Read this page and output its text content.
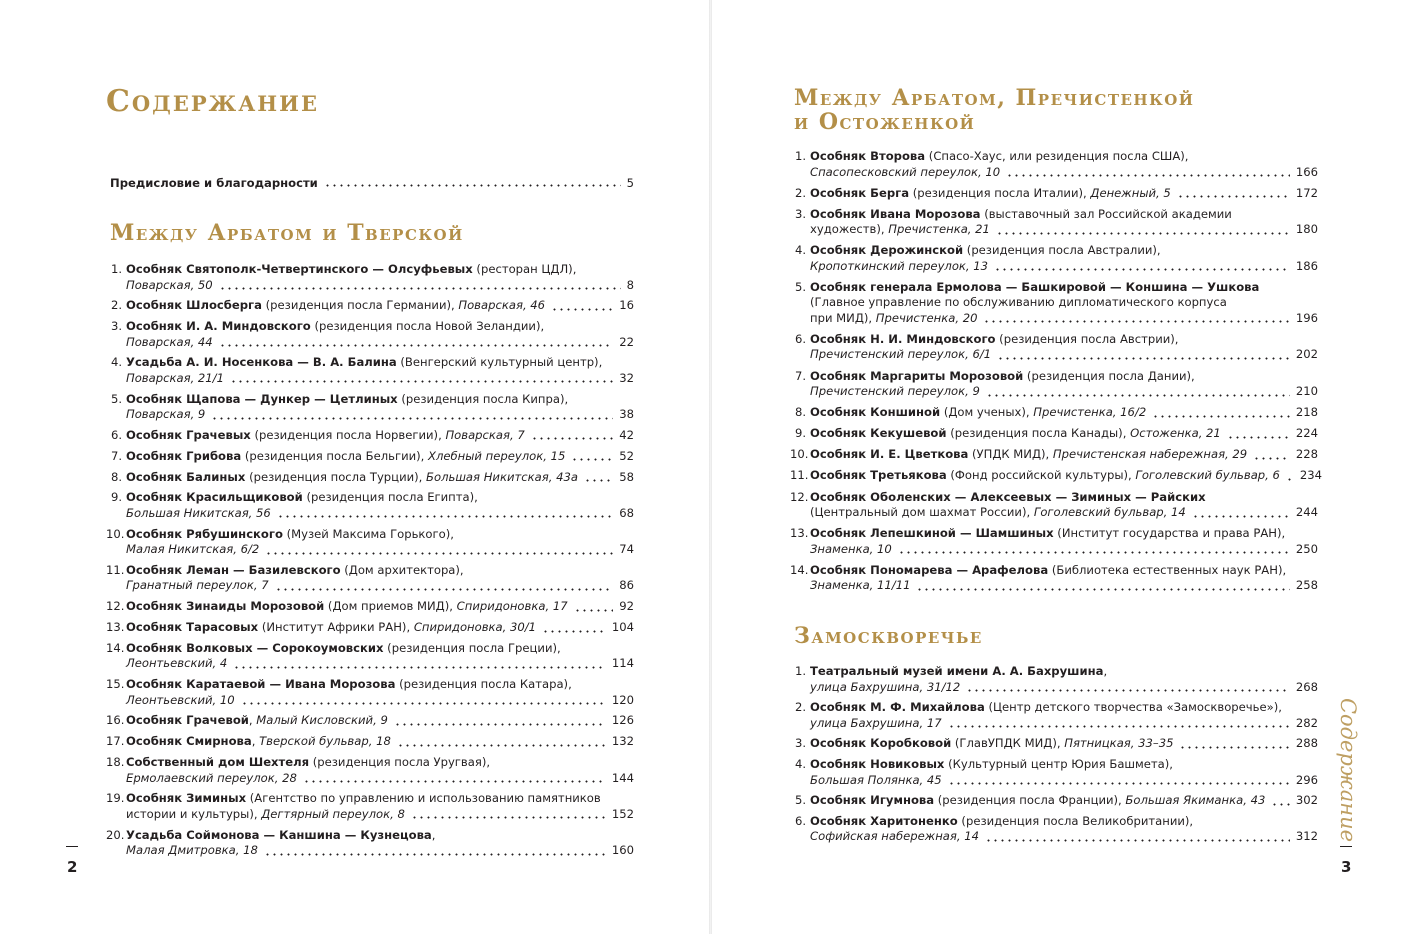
Содержание
Предисловие и благодарности	5
Между Арбатом и Тверской
1. Особняк Святополк-Четвертинского — Олсуфьевых (ресторан ЦДЛ),
Поварская, 50	8
2. Особняк Шлосберга (резиденция посла Германии), Поварская, 46	16
3. Особняк И. А. Миндовского (резиденция посла Новой Зеландии),
Поварская, 44	22
4. Усадьба А. И. Носенкова — В. А. Балина (Венгерский культурный центр),
Поварская, 21/1	32
5. Особняк Щапова — Дункер — Цетлиных (резиденция посла Кипра),
Поварская, 9	38
6. Особняк Грачевых (резиденция посла Норвегии), Поварская, 7	42
7. Особняк Грибова (резиденция посла Бельгии), Хлебный переулок, 15	52
8. Особняк Балиных (резиденция посла Турции), Большая Никитская, 43а	58
9. Особняк Красильщиковой (резиденция посла Египта),
Большая Никитская, 56	68
10. Особняк Рябушинского (Музей Максима Горького),
Малая Никитская, 6/2	74
11. Особняк Леман — Базилевского (Дом архитектора),
Гранатный переулок, 7	86
12. Особняк Зинаиды Морозовой (Дом приемов МИД), Спиридоновка, 17	92
13. Особняк Тарасовых (Институт Африки РАН), Спиридоновка, 30/1	104
14. Особняк Волковых — Сорокоумовских (резиденция посла Греции),
Леонтьевский, 4	114
15. Особняк Каратаевой — Ивана Морозова (резиденция посла Катара),
Леонтьевский, 10	120
16. Особняк Грачевой, Малый Кисловский, 9	126
17. Особняк Смирнова, Тверской бульвар, 18	132
18. Собственный дом Шехтеля (резиденция посла Уругвая),
Ермолаевский переулок, 28	144
19. Особняк Зиминых (Агентство по управлению и использованию памятников
истории и культуры), Дегтярный переулок, 8	152
20. Усадьба Соймонова — Каншина — Кузнецова,
Малая Дмитровка, 18	160
2
Между Арбатом, Пречистенкой
и Остоженкой
1. Особняк Второва (Спасо-Хаус, или резиденция посла США),
Спасопесковский переулок, 10	166
2. Особняк Берга (резиденция посла Италии), Денежный, 5	172
3. Особняк Ивана Морозова (выставочный зал Российской академии
художеств), Пречистенка, 21	180
4. Особняк Дерожинской (резиденция посла Австралии),
Кропоткинский переулок, 13	186
5. Особняк генерала Ермолова — Башкировой — Коншина — Ушкова
(Главное управление по обслуживанию дипломатического корпуса
при МИД), Пречистенка, 20	196
6. Особняк Н. И. Миндовского (резиденция посла Австрии),
Пречистенский переулок, 6/1	202
7. Особняк Маргариты Морозовой (резиденция посла Дании),
Пречистенский переулок, 9	210
8. Особняк Коншиной (Дом ученых), Пречистенка, 16/2	218
9. Особняк Кекушевой (резиденция посла Канады), Остоженка, 21	224
10. Особняк И. Е. Цветкова (УПДК МИД), Пречистенская набережная, 29	228
11. Особняк Третьякова (Фонд российской культуры), Гоголевский бульвар, 6 234
12. Особняк Оболенских — Алексеевых — Зиминых — Райских
(Центральный дом шахмат России), Гоголевский бульвар, 14	244
13. Особняк Лепешкиной — Шамшиных (Институт государства и права РАН),
Знаменка, 10	250
14. Особняк Пономарева — Арафелова (Библиотека естественных наук РАН),
Знаменка, 11/11	258
Замоскворечье
1. Театральный музей имени А. А. Бахрушина,
улица Бахрушина, 31/12	268
2. Особняк М. Ф. Михайлова (Центр детского творчества «Замоскворечье»),
улица Бахрушина, 17	282
3. Особняк Коробковой (ГлавУПДК МИД), Пятницкая, 33–35	288
4. Особняк Новиковых (Культурный центр Юрия Башмета),
Большая Полянка, 45	296
5. Особняк Игумнова (резиденция посла Франции), Большая Якиманка, 43	302
6. Особняк Харитоненко (резиденция посла Великобритании),
Софийская набережная, 14	312
3
Содержание
